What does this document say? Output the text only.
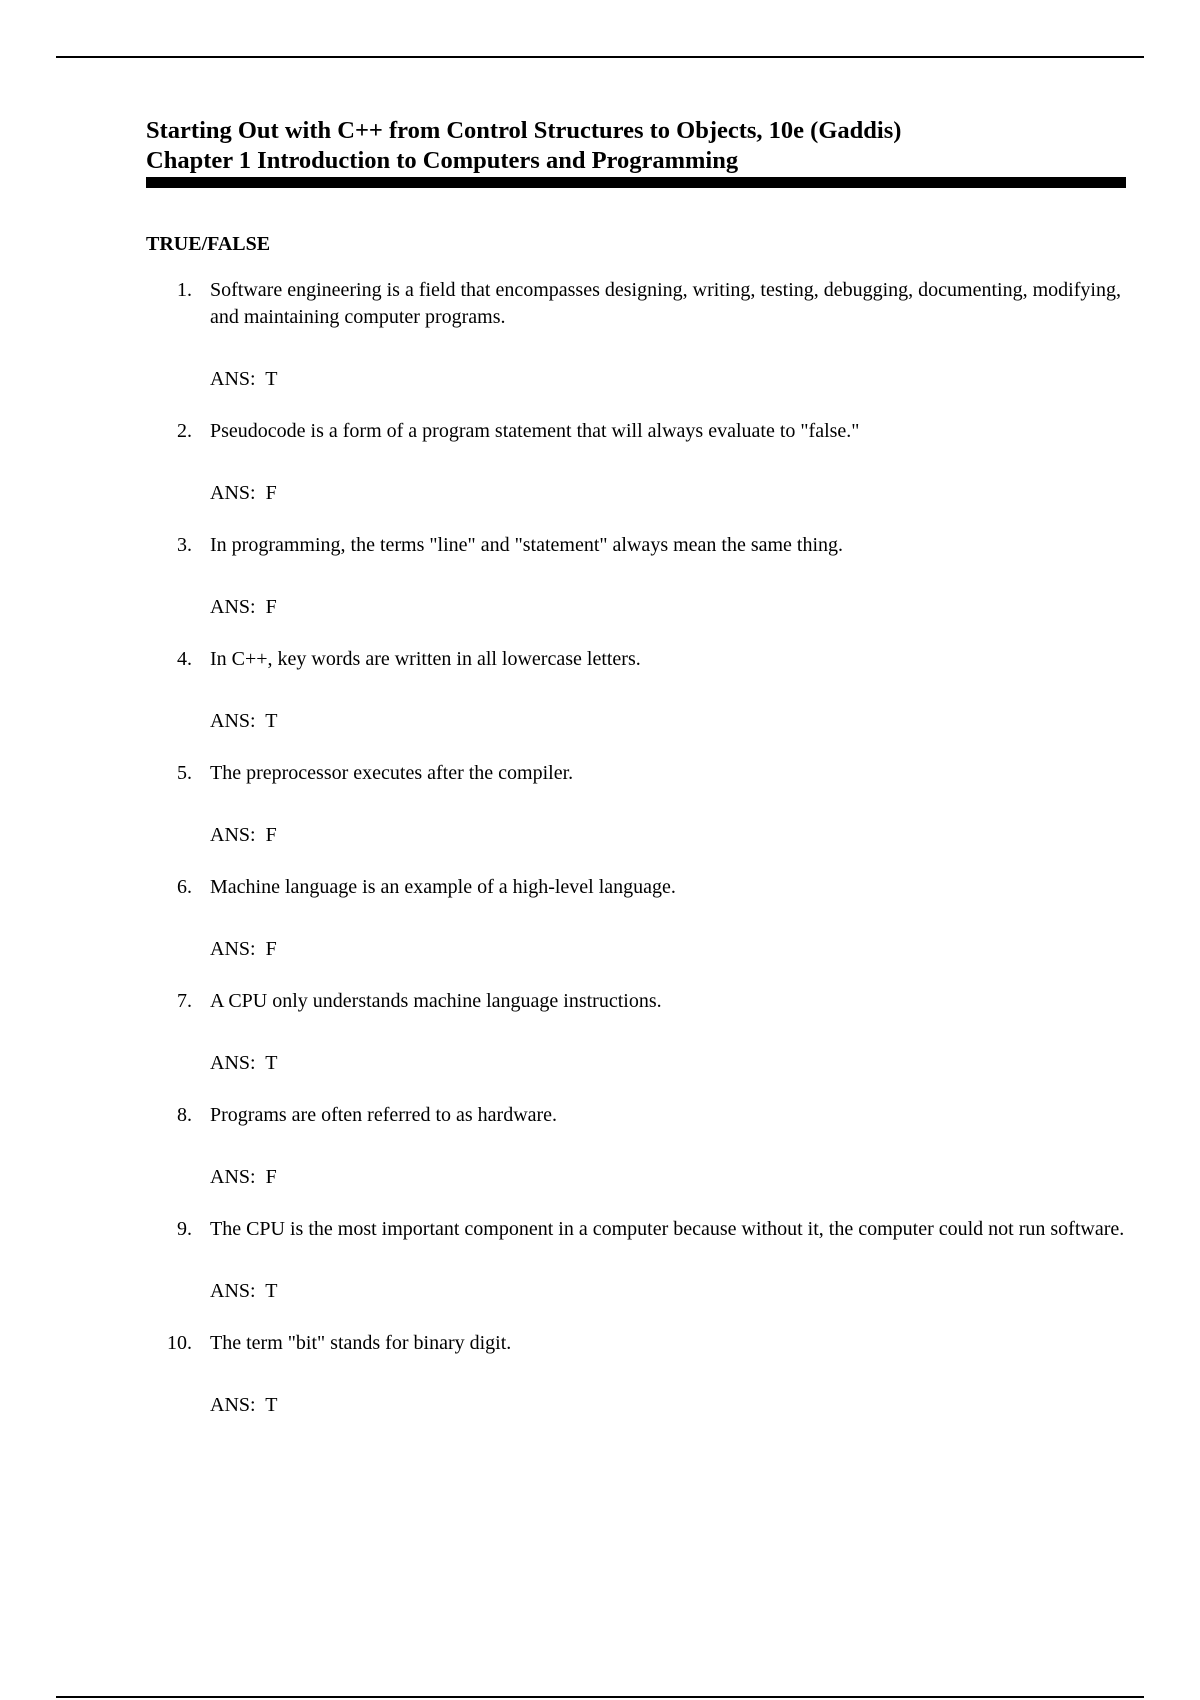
Starting Out with C++ from Control Structures to Objects, 10e (Gaddis)
Chapter 1 Introduction to Computers and Programming
TRUE/FALSE
1. Software engineering is a field that encompasses designing, writing, testing, debugging, documenting, modifying, and maintaining computer programs.
ANS:  T
2. Pseudocode is a form of a program statement that will always evaluate to "false."
ANS:  F
3. In programming, the terms "line" and "statement" always mean the same thing.
ANS:  F
4. In C++, key words are written in all lowercase letters.
ANS:  T
5. The preprocessor executes after the compiler.
ANS:  F
6. Machine language is an example of a high-level language.
ANS:  F
7. A CPU only understands machine language instructions.
ANS:  T
8. Programs are often referred to as hardware.
ANS:  F
9. The CPU is the most important component in a computer because without it, the computer could not run software.
ANS:  T
10. The term "bit" stands for binary digit.
ANS:  T
